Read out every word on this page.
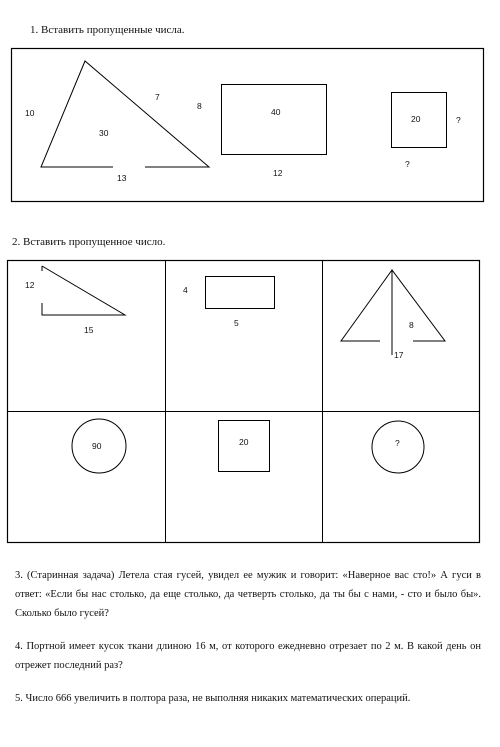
1. Вставить пропущенные числа.
10
7
30
13
8
40
12
20	?
?
2. Вставить пропущенное число.
12
15
4
5	8
17
90	20	?
3. (Старинная задача) Летела стая гусей, увидел ее мужик и говорит: «Наверное вас сто!» А гуси в ответ: «Если бы нас столько, да еще столько, да четверть столько, да ты бы с нами, - сто и было бы». Сколько было гусей?
4. Портной имеет кусок ткани длиною 16 м, от которого ежедневно отрезает по 2 м. В какой день он отрежет последний раз?
5. Число 666 увеличить в полтора раза, не выполняя никаких математических операций.
